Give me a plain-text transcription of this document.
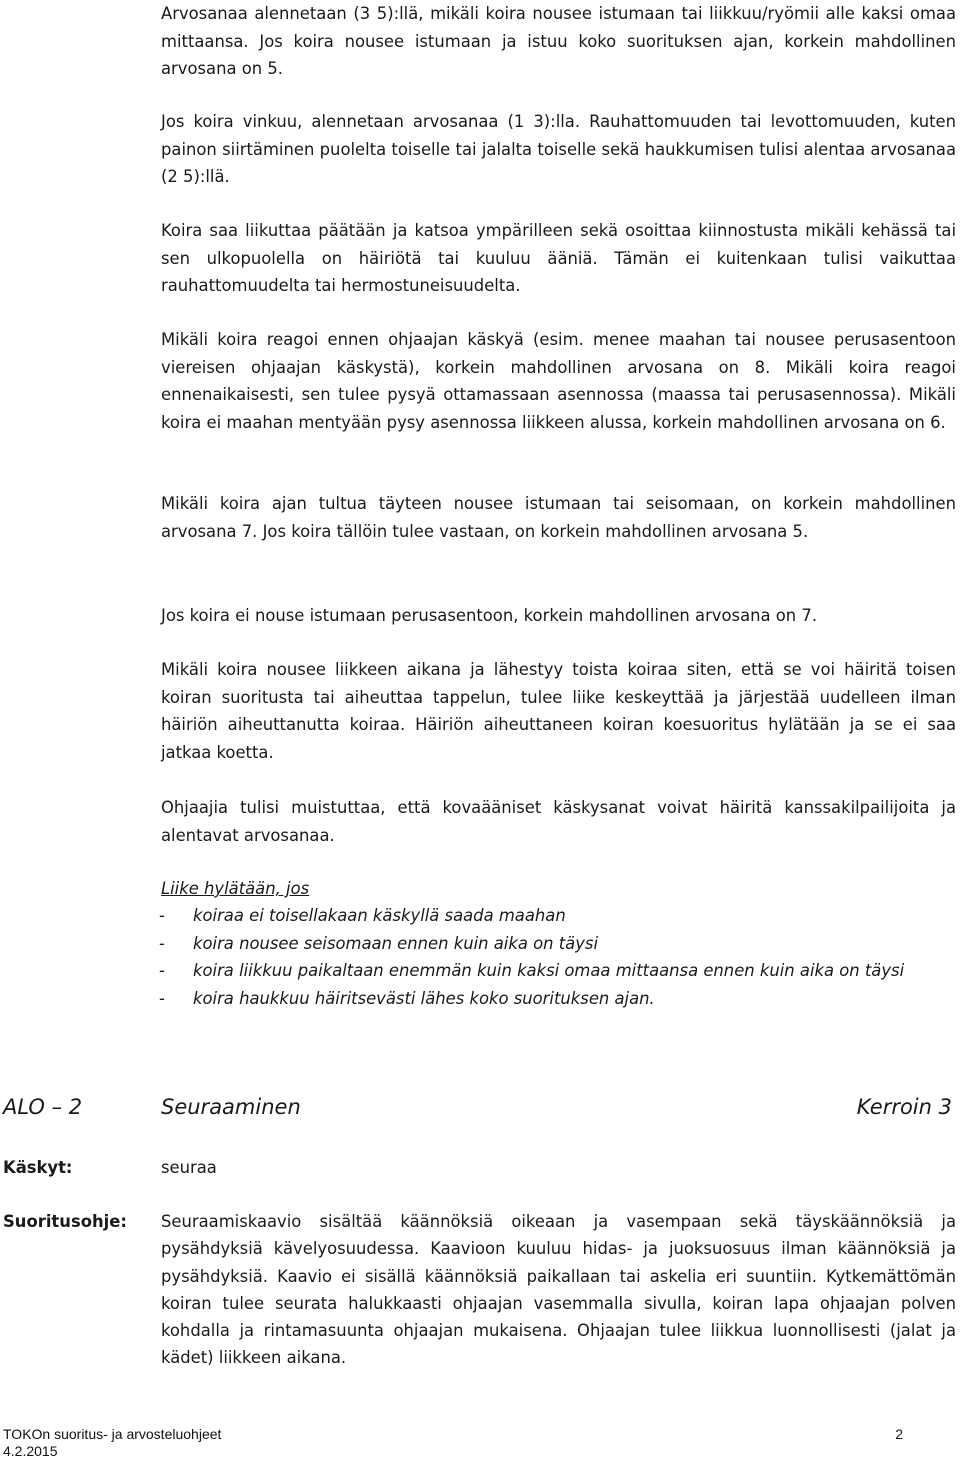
Arvosanaa alennetaan (3 5):llä, mikäli koira nousee istumaan tai liikkuu/ryömii alle kaksi omaa mittaansa. Jos koira nousee istumaan ja istuu koko suorituksen ajan, korkein mahdollinen arvosana on 5.

Jos koira vinkuu, alennetaan arvosanaa (1 3):lla. Rauhattomuuden tai levottomuuden, kuten painon siirtäminen puolelta toiselle tai jalalta toiselle sekä haukkumisen tulisi alentaa arvosanaa (2 5):llä.

Koira saa liikuttaa päätään ja katsoa ympärilleen sekä osoittaa kiinnostusta mikäli kehässä tai sen ulkopuolella on häiriötä tai kuuluu ääniä. Tämän ei kuitenkaan tulisi vaikuttaa rauhattomuudelta tai hermostuneisuudelta.

Mikäli koira reagoi ennen ohjaajan käskyä (esim. menee maahan tai nousee perusasentoon viereisen ohjaajan käskystä), korkein mahdollinen arvosana on 8. Mikäli koira reagoi ennenaikaisesti, sen tulee pysyä ottamassaan asennossa (maassa tai perusasennossa). Mikäli koira ei maahan mentyään pysy asennossa liikkeen alussa, korkein mahdollinen arvosana on 6.

Mikäli koira ajan tultua täyteen nousee istumaan tai seisomaan, on korkein mahdollinen arvosana 7. Jos koira tällöin tulee vastaan, on korkein mahdollinen arvosana 5.

Jos koira ei nouse istumaan perusasentoon, korkein mahdollinen arvosana on 7.

Mikäli koira nousee liikkeen aikana ja lähestyy toista koiraa siten, että se voi häiritä toisen koiran suoritusta tai aiheuttaa tappelun, tulee liike keskeyttää ja järjestää uudelleen ilman häiriön aiheuttanutta koiraa. Häiriön aiheuttaneen koiran koesuoritus hylätään ja se ei saa jatkaa koetta.

Ohjaajia tulisi muistuttaa, että kovaääniset käskysanat voivat häiritä kanssakilpailijoita ja alentavat arvosanaa.

Liike hylätään, jos
- koiraa ei toisellakaan käskyllä saada maahan
- koira nousee seisomaan ennen kuin aika on täysi
- koira liikkuu paikaltaan enemmän kuin kaksi omaa mittaansa ennen kuin aika on täysi
- koira haukkuu häiritsevästi lähes koko suorituksen ajan.
ALO – 2	Seuraaminen	Kerroin 3
Käskyt:	seuraa
Suoritusohje: Seuraamiskaavio sisältää käännöksiä oikeaan ja vasempaan sekä täyskäännöksiä ja pysähdyksiä kävelyosuudessa. Kaavioon kuuluu hidas- ja juoksuosuus ilman käännöksiä ja pysähdyksiä. Kaavio ei sisällä käännöksiä paikallaan tai askelia eri suuntiin. Kytkemättömän koiran tulee seurata halukkaasti ohjaajan vasemmalla sivulla, koiran lapa ohjaajan polven kohdalla ja rintamasuunta ohjaajan mukaisena. Ohjaajan tulee liikkua luonnollisesti (jalat ja kädet) liikkeen aikana.
TOKOn suoritus- ja arvosteluohjeet
4.2.2015
2
